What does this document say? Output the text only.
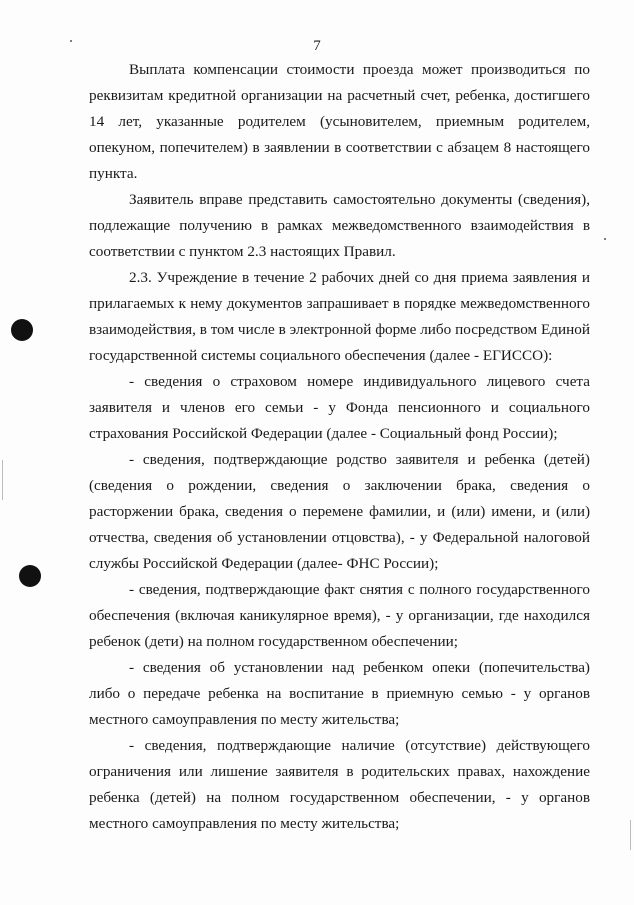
7

Выплата компенсации стоимости проезда может производиться по реквизитам кредитной организации на расчетный счет, ребенка, достигшего 14 лет, указанные родителем (усыновителем, приемным родителем, опекуном, попечителем) в заявлении в соответствии с абзацем 8 настоящего пункта.

Заявитель вправе представить самостоятельно документы (сведения), подлежащие получению в рамках межведомственного взаимодействия в соответствии с пунктом 2.3 настоящих Правил.

2.3. Учреждение в течение 2 рабочих дней со дня приема заявления и прилагаемых к нему документов запрашивает в порядке межведомственного взаимодействия, в том числе в электронной форме либо посредством Единой государственной системы социального обеспечения (далее - ЕГИССО):

- сведения о страховом номере индивидуального лицевого счета заявителя и членов его семьи - у Фонда пенсионного и социального страхования Российской Федерации (далее - Социальный фонд России);

- сведения, подтверждающие родство заявителя и ребенка (детей) (сведения о рождении, сведения о заключении брака, сведения о расторжении брака, сведения о перемене фамилии, и (или) имени, и (или) отчества, сведения об установлении отцовства), - у Федеральной налоговой службы Российской Федерации (далее- ФНС России);

- сведения, подтверждающие факт снятия с полного государственного обеспечения (включая каникулярное время), - у организации, где находился ребенок (дети) на полном государственном обеспечении;

- сведения об установлении над ребенком опеки (попечительства) либо о передаче ребенка на воспитание в приемную семью - у органов местного самоуправления по месту жительства;

- сведения, подтверждающие наличие (отсутствие) действующего ограничения или лишение заявителя в родительских правах, нахождение ребенка (детей) на полном государственном обеспечении, - у органов местного самоуправления по месту жительства;
